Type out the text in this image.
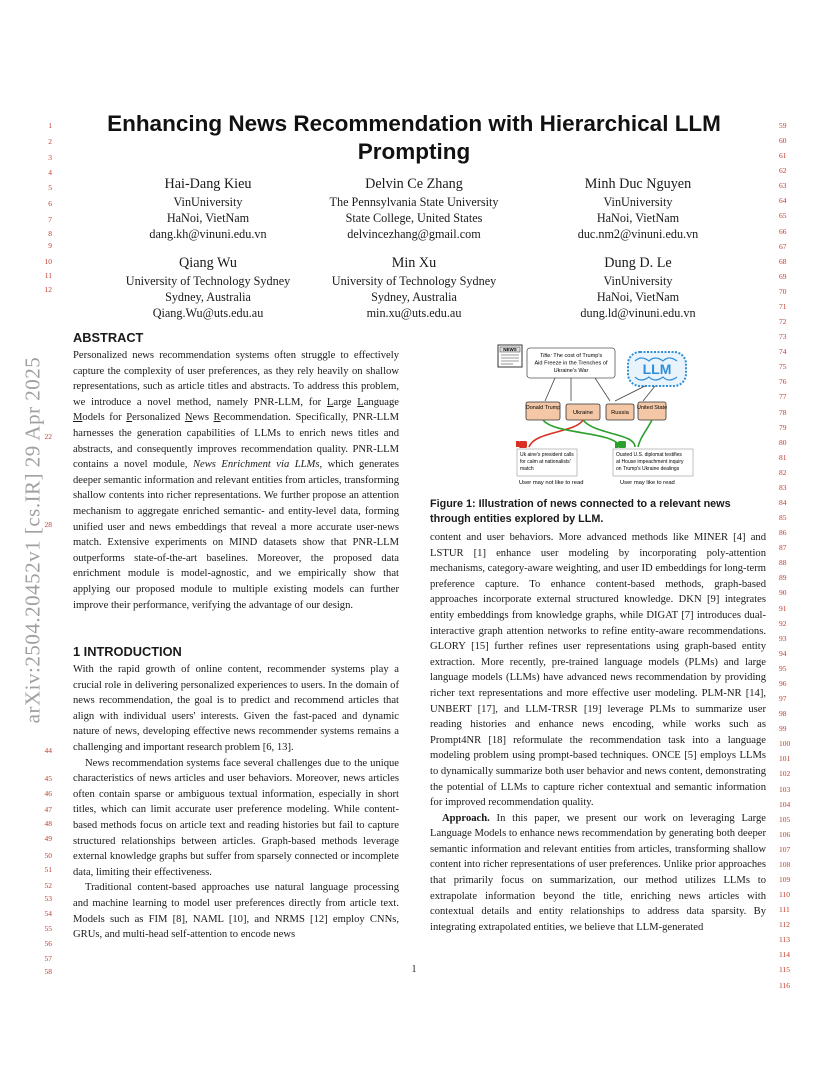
arXiv:2504.20452v1 [cs.IR] 29 Apr 2025
1
2
3
4
5
6
7
8
9
10
11
12
22
28
44
45
46
47
48
49
50
51
52
53
54
55
56
57
58
59
60
61
62
63
64
65
66
67
68
69
70
71
72
73
74
75
76
77
78
79
80
81
82
83
84
85
86
87
88
89
90
91
92
93
94
95
96
97
98
99
100
101
102
103
104
105
106
107
108
109
110
111
112
113
114
115
116
Enhancing News Recommendation with Hierarchical LLM Prompting
Hai-Dang Kieu
VinUniversity
HaNoi, VietNam
dang.kh@vinuni.edu.vn
Delvin Ce Zhang
The Pennsylvania State University
State College, United States
delvincezhang@gmail.com
Minh Duc Nguyen
VinUniversity
HaNoi, VietNam
duc.nm2@vinuni.edu.vn
Qiang Wu
University of Technology Sydney
Sydney, Australia
Qiang.Wu@uts.edu.au
Min Xu
University of Technology Sydney
Sydney, Australia
min.xu@uts.edu.au
Dung D. Le
VinUniversity
HaNoi, VietNam
dung.ld@vinuni.edu.vn
ABSTRACT

Personalized news recommendation systems often struggle to effectively capture the complexity of user preferences, as they rely heavily on shallow representations, such as article titles and abstracts. To address this problem, we introduce a novel method, namely PNR-LLM, for Large Language Models for Personalized News Recommendation. Specifically, PNR-LLM harnesses the generation capabilities of LLMs to enrich news titles and abstracts, and consequently improves recommendation quality. PNR-LLM contains a novel module, News Enrichment via LLMs, which generates deeper semantic information and relevant entities from articles, transforming shallow contents into richer representations. We further propose an attention mechanism to aggregate enriched semantic- and entity-level data, forming unified user and news embeddings that reveal a more accurate user-news match. Extensive experiments on MIND datasets show that PNR-LLM outperforms state-of-the-art baselines. Moreover, the proposed data enrichment module is model-agnostic, and we empirically show that applying our proposed module to multiple existing models can further improve their performance, verifying the advantage of our design.

1 INTRODUCTION

With the rapid growth of online content, recommender systems play a crucial role in delivering personalized experiences to users. In the domain of news recommendation, the goal is to predict and recommend articles that align with individual users' interests. Given the fast-paced and dynamic nature of news, developing effective news recommender systems remains a challenging and important research problem [6, 13].

News recommendation systems face several challenges due to the unique characteristics of news articles and user behaviors. Moreover, news articles often contain sparse or ambiguous textual information, especially in short titles, which can limit accurate user preference modeling. While content-based methods focus on article text and reading histories but fail to capture structured relationships between articles. Graph-based methods leverage external knowledge graphs but suffer from sparsely connected or incomplete data, limiting their effectiveness.

Traditional content-based approaches use natural language processing and machine learning to model user preferences directly from article text. Models such as FIM [8], NAML [10], and NRMS [12] employ CNNs, GRUs, and multi-head self-attention to encode news

NEWS
Title: The cost of Trump's
Aid Freeze in the Trenches of
Ukraine's War	LLM
Donald Trump
Ukraine	Russia
United State
Uk aine's president calls
for calm at nationalists'
match
User may not like to read
Ousted U.S. diplomat testifies
at House impeachment inquiry
on Trump's Ukraine dealings
User may like to read
Figure 1: Illustration of news connected to a relevant news through entities explored by LLM.

content and user behaviors. More advanced methods like MINER [4] and LSTUR [1] enhance user modeling by incorporating poly-attention mechanisms, category-aware weighting, and user ID embeddings for long-term preference capture. To enhance content-based methods, graph-based approaches incorporate external structured knowledge. DKN [9] integrates entity embeddings from knowledge graphs, while DIGAT [7] introduces dual-interactive graph attention networks to refine entity-aware recommendations. GLORY [15] further refines user representations using graph-based entity extraction. More recently, pre-trained language models (PLMs) and large language models (LLMs) have advanced news recommendation by providing richer text representations and more effective user modeling. PLM-NR [14], UNBERT [17], and LLM-TRSR [19] leverage PLMs to summarize user reading histories and enhance news encoding, while works such as Prompt4NR [18] reformulate the recommendation task into a language modeling problem using prompt-based techniques. ONCE [5] employs LLMs to dynamically summarize both user behavior and news content, demonstrating the potential of LLMs to capture richer contextual and semantic information for improved recommendation quality.

Approach. In this paper, we present our work on leveraging Large Language Models to enhance news recommendation by generating both deeper semantic information and relevant entities from articles, transforming shallow content into richer representations of user preferences. Unlike prior approaches that primarily focus on summarization, our method utilizes LLMs to extrapolate information beyond the title, enriching news articles with contextual details and entity relationships to address data sparsity. By integrating extrapolated entities, we believe that LLM-generated

1
